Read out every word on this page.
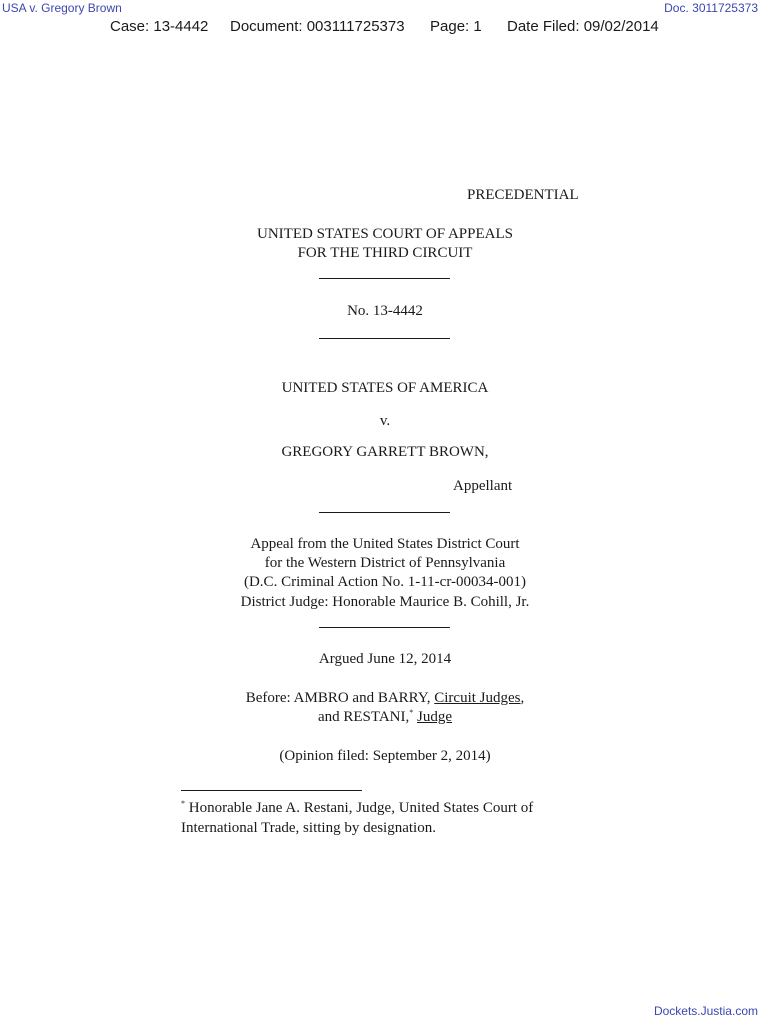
USA v. Gregory Brown	Doc. 3011725373
Case: 13-4442 Document: 003111725373 Page: 1 Date Filed: 09/02/2014
PRECEDENTIAL
UNITED STATES COURT OF APPEALS
FOR THE THIRD CIRCUIT
No. 13-4442
UNITED STATES OF AMERICA
v.
GREGORY GARRETT BROWN,
Appellant
Appeal from the United States District Court
for the Western District of Pennsylvania
(D.C. Criminal Action No. 1-11-cr-00034-001)
District Judge: Honorable Maurice B. Cohill, Jr.
Argued June 12, 2014
Before: AMBRO and BARRY, Circuit Judges,
and RESTANI,* Judge
(Opinion filed: September 2, 2014)
* Honorable Jane A. Restani, Judge, United States Court of
International Trade, sitting by designation.
Dockets.Justia.com
